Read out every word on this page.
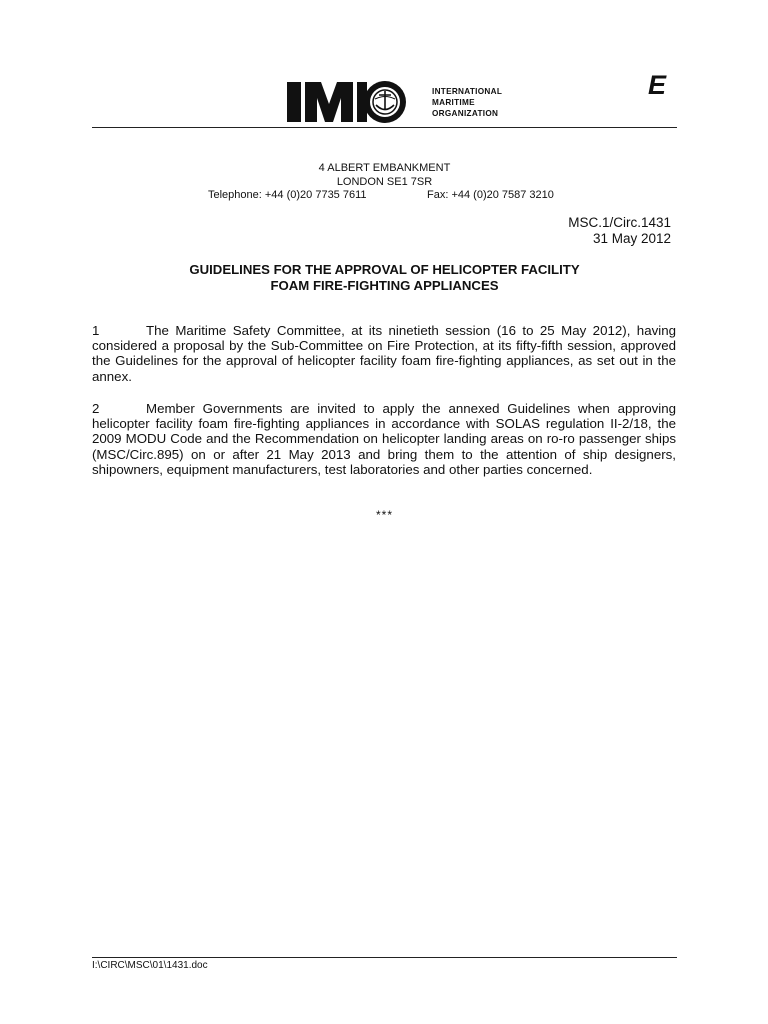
INTERNATIONAL
MARITIME
ORGANIZATION
E
4 ALBERT EMBANKMENT
LONDON SE1 7SR
Telephone: +44 (0)20 7735 7611	Fax: +44 (0)20 7587 3210
MSC.1/Circ.1431
31 May 2012
GUIDELINES FOR THE APPROVAL OF HELICOPTER FACILITY
FOAM FIRE-FIGHTING APPLIANCES
1	The Maritime Safety Committee, at its ninetieth session (16 to 25 May 2012), having considered a proposal by the Sub-Committee on Fire Protection, at its fifty-fifth session, approved the Guidelines for the approval of helicopter facility foam fire-fighting appliances, as set out in the annex.
2	Member Governments are invited to apply the annexed Guidelines when approving helicopter facility foam fire-fighting appliances in accordance with SOLAS regulation II-2/18, the 2009 MODU Code and the Recommendation on helicopter landing areas on ro-ro passenger ships (MSC/Circ.895) on or after 21 May 2013 and bring them to the attention of ship designers, shipowners, equipment manufacturers, test laboratories and other parties concerned.
***
I:\CIRC\MSC\01\1431.doc
